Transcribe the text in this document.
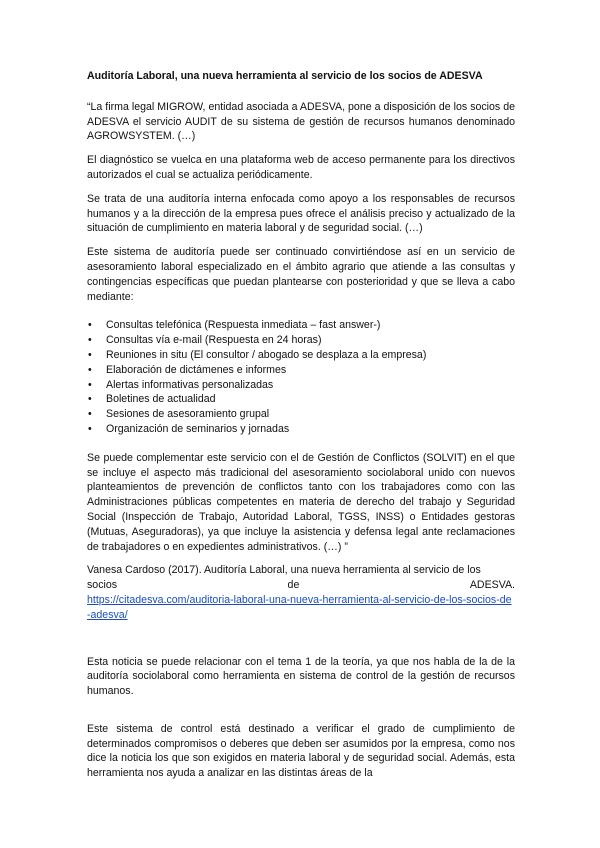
Auditoría Laboral, una nueva herramienta al servicio de los socios de ADESVA

“La firma legal MIGROW, entidad asociada a ADESVA, pone a disposición de los socios de ADESVA el servicio AUDIT de su sistema de gestión de recursos humanos denominado AGROWSYSTEM. (…)

El diagnóstico se vuelca en una plataforma web de acceso permanente para los directivos autorizados el cual se actualiza periódicamente.

Se trata de una auditoría interna enfocada como apoyo a los responsables de recursos humanos y a la dirección de la empresa pues ofrece el análisis preciso y actualizado de la situación de cumplimiento en materia laboral y de seguridad social. (…)

Este sistema de auditoría puede ser continuado convirtiéndose así en un servicio de asesoramiento laboral especializado en el ámbito agrario que atiende a las consultas y contingencias específicas que puedan plantearse con posterioridad y que se lleva a cabo mediante:

• Consultas telefónica (Respuesta inmediata – fast answer-)
• Consultas vía e-mail (Respuesta en 24 horas)
• Reuniones in situ (El consultor / abogado se desplaza a la empresa)
• Elaboración de dictámenes e informes
• Alertas informativas personalizadas
• Boletines de actualidad
• Sesiones de asesoramiento grupal
• Organización de seminarios y jornadas

Se puede complementar este servicio con el de Gestión de Conflictos (SOLVIT) en el que se incluye el aspecto más tradicional del asesoramiento sociolaboral unido con nuevos planteamientos de prevención de conflictos tanto con los trabajadores como con las Administraciones públicas competentes en materia de derecho del trabajo y Seguridad Social (Inspección de Trabajo, Autoridad Laboral, TGSS, INSS) o Entidades gestoras (Mutuas, Aseguradoras), ya que incluye la asistencia y defensa legal ante reclamaciones de trabajadores o en expedientes administrativos. (…) ”

Vanesa Cardoso (2017). Auditoría Laboral, una nueva herramienta al servicio de los
socios	de	ADESVA.
https://citadesva.com/auditoria-laboral-una-nueva-herramienta-al-servicio-de-los-socios-de-adesva/

Esta noticia se puede relacionar con el tema 1 de la teoría, ya que nos habla de la de la auditoría sociolaboral como herramienta en sistema de control de la gestión de recursos humanos.

Este sistema de control está destinado a verificar el grado de cumplimiento de determinados compromisos o deberes que deben ser asumidos por la empresa, como nos dice la noticia los que son exigidos en materia laboral y de seguridad social. Además, esta herramienta nos ayuda a analizar en las distintas áreas de la
